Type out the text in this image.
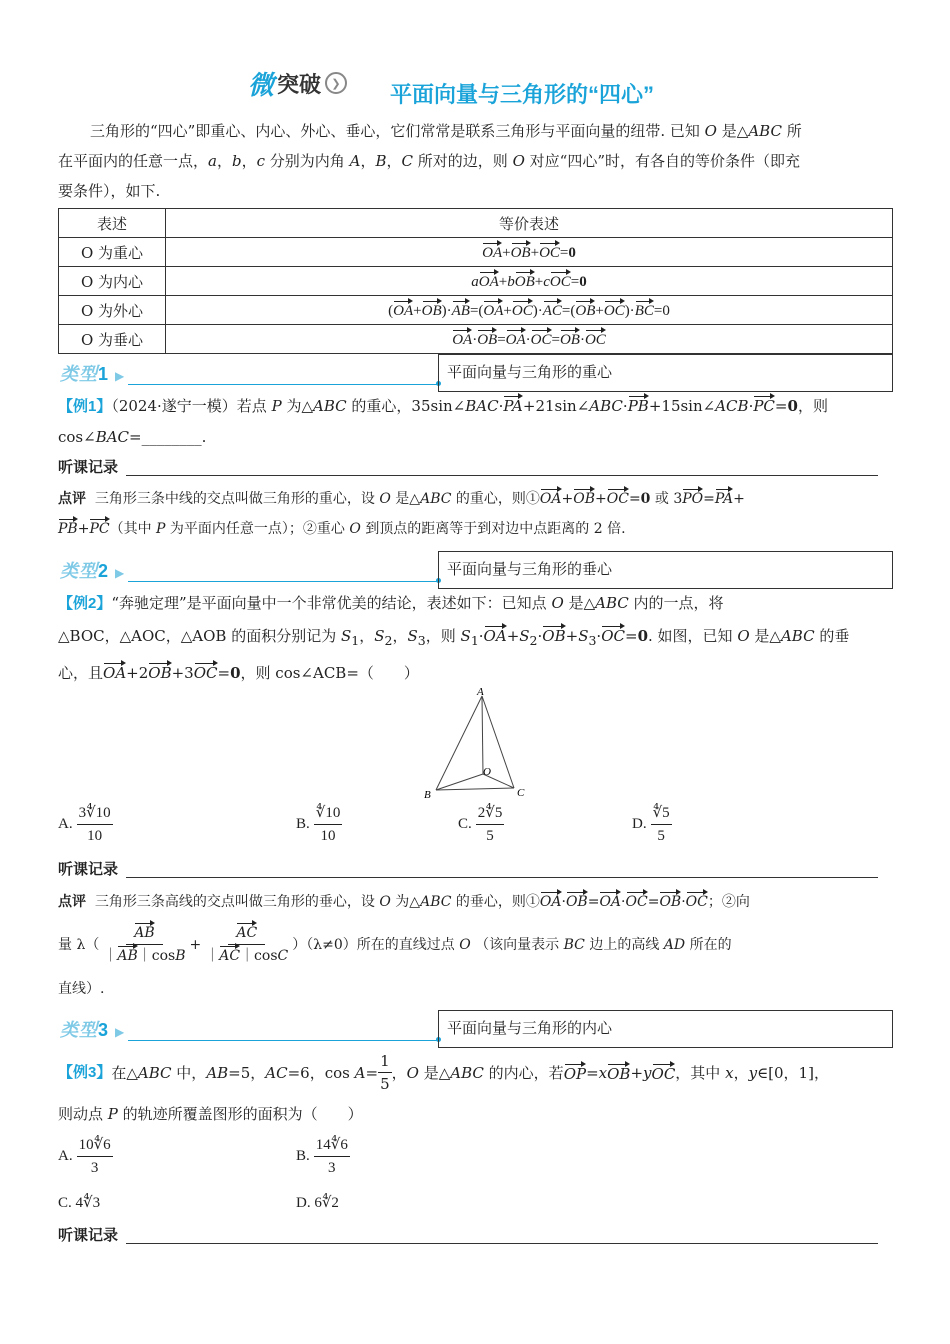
微 突破 ❯ 平面向量与三角形的“四心”
三角形的“四心”即重心、内心、外心、垂心，它们常常是联系三角形与平面向量的纽带. 已知 O 是△ABC 所
在平面内的任意一点，a，b，c 分别为内角 A，B，C 所对的边，则 O 对应“四心”时，有各自的等价条件（即充
要条件），如下.
表述	等价表述
O 为重心	OA+OB+OC=0
O 为内心	aOA+bOB+cOC=0
O 为外心	(OA+OB)·AB=(OA+OC)·AC=(OB+OC)·BC=0
O 为垂心	OA·OB=OA·OC=OB·OC
类型1 ▶	平面向量与三角形的重心
【例1】（2024·遂宁一模）若点 P 为△ABC 的重心，35sin∠BAC·PA+21sin∠ABC·PB+15sin∠ACB·PC=0，则
cos∠BAC=________.
听课记录
点评 三角形三条中线的交点叫做三角形的重心，设 O 是△ABC 的重心，则①OA+OB+OC=0 或 3PO=PA+
PB+PC（其中 P 为平面内任意一点）；②重心 O 到顶点的距离等于到对边中点距离的 2 倍.
类型2 ▶	平面向量与三角形的垂心
【例2】“奔驰定理”是平面向量中一个非常优美的结论，表述如下：已知点 O 是△ABC 内的一点，将
△BOC，△AOC，△AOB 的面积分别记为 $S_1$，$S_2$，$S_3$，则 $S_1\cdot OA+S_2\cdot OB+S_3\cdot OC=0$. 如图，已知 O 是△ABC 的垂
心，且OA+2OB+3OC=0，则 cos∠ACB=（　　）
A
B	C
O
A. $\frac{3∜10}{10}$	B. $\frac{∜10}{10}$	C. $\frac{2∜5}{5}$	D. $\frac{∜5}{5}$
听课记录
点评 三角形三条高线的交点叫做三角形的垂心，设 O 为△ABC 的垂心，则①OA·OB=OA·OC=OB·OC；②向
量 $\lambda( \frac{AB}{|AB|\cos B} + \frac{AC}{|AC|\cos C} )(\lambda\ne 0)$所在的直线过点
O
（该向量表示
BC
边上的高线
AD
所在的
直线）.
类型3 ▶	平面向量与三角形的内心
【例3】 在△ ABC
中， AB =5， AC =6，cos
$A = \frac{1}{5}$ ， O
是△ ABC
的内心，若 OP = x OB + y OC ，其中
x ， y ∈[0，1]，
则动点 P 的轨迹所覆盖图形的面积为（　　）
A. $\frac{10∜6}{3}$	B. $\frac{14∜6}{3}$
C. 4∜3	D. 6∜2
听课记录
